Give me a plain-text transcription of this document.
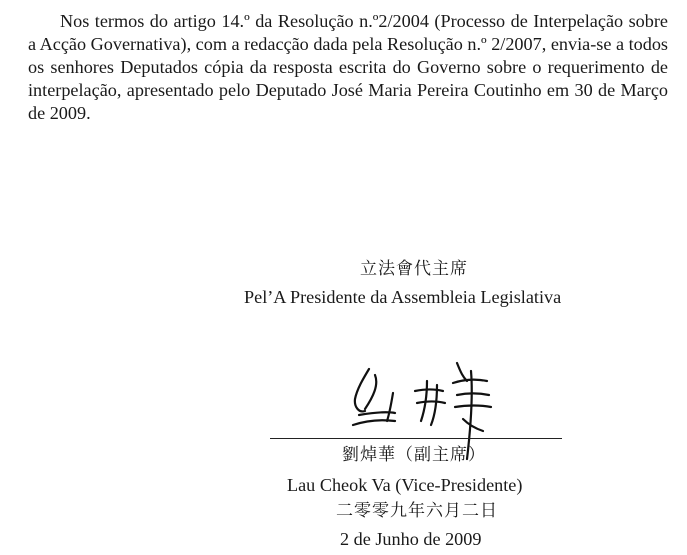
Nos termos do artigo 14.º da Resolução n.º2/2004 (Processo de Interpelação sobre a Acção Governativa), com a redacção dada pela Resolução n.º 2/2007, envia-se a todos os senhores Deputados cópia da resposta escrita do Governo sobre o requerimento de interpelação, apresentado pelo Deputado José Maria Pereira Coutinho em 30 de Março de 2009.

立法會代主席
Pel’A Presidente da Assembleia Legislativa
劉焯華（副主席）
Lau Cheok Va (Vice-Presidente)
二零零九年六月二日
2 de Junho de 2009
